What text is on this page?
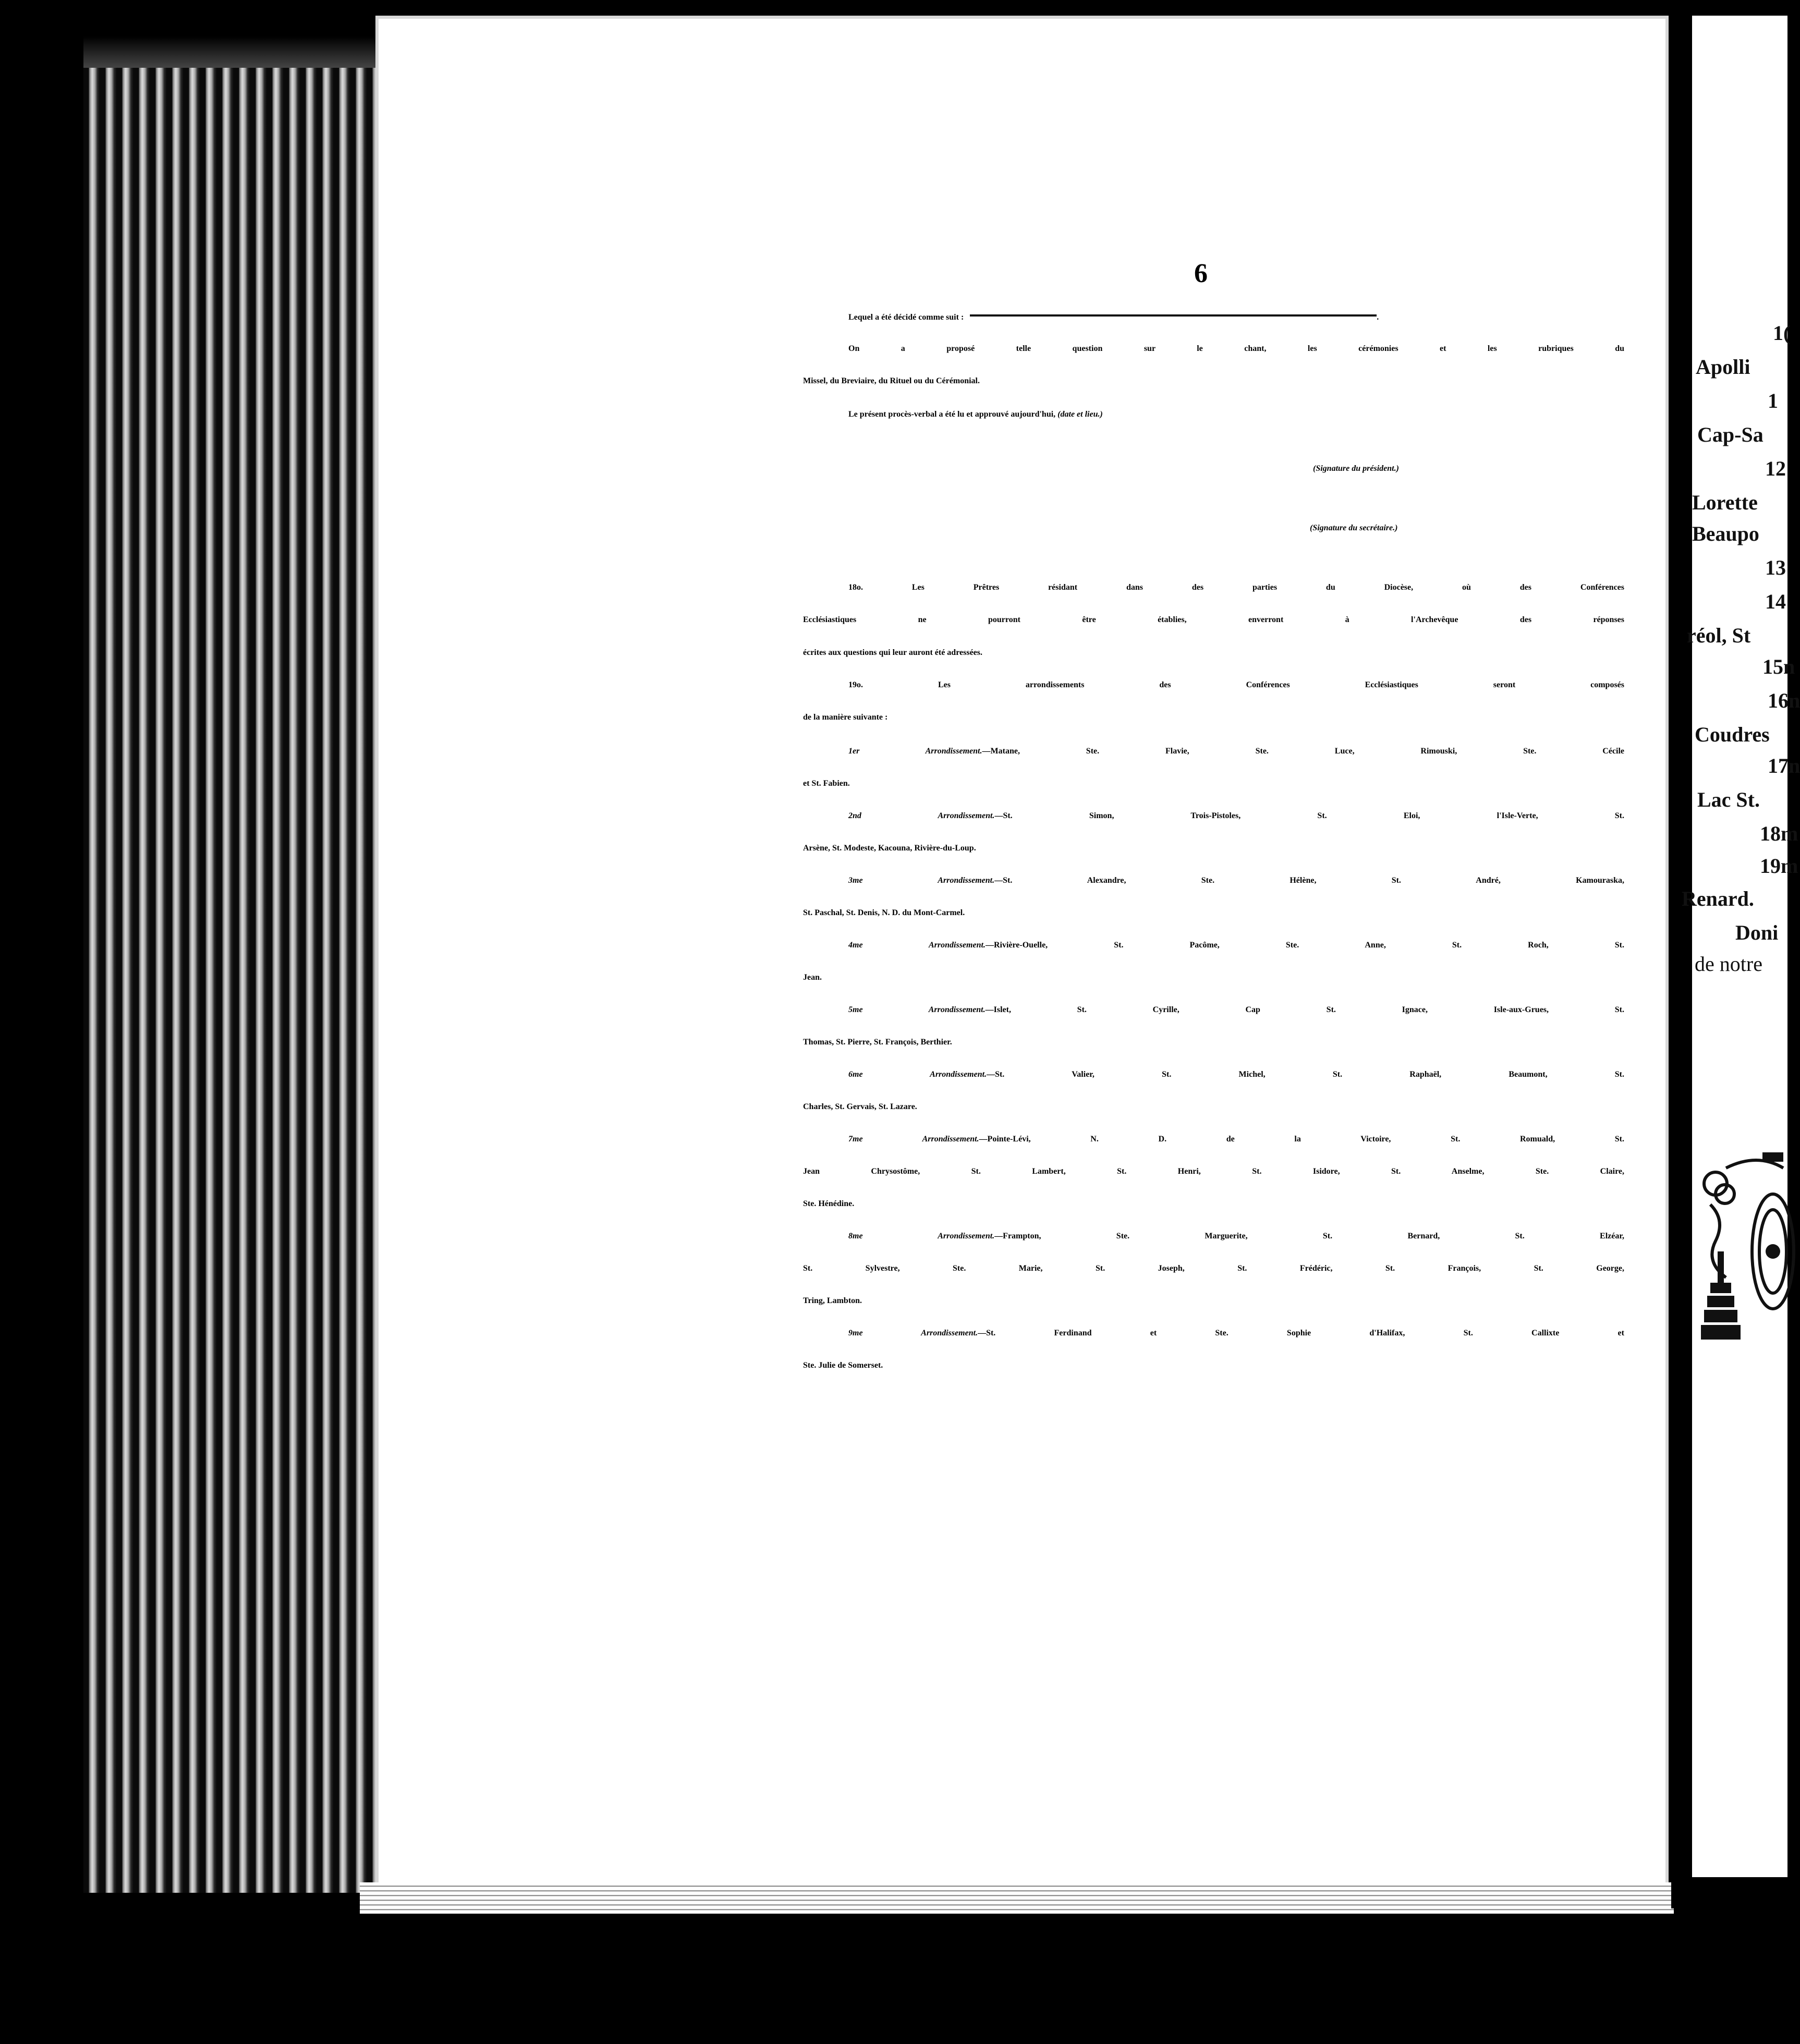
6
Lequel a été décidé comme suit :	.
On a proposé telle question sur le chant, les cérémonies et les rubriques du
Missel, du Breviaire, du Rituel ou du Cérémonial.
Le présent procès-verbal a été lu et approuvé aujourd'hui, (date et lieu.)
(Signature du président.)
(Signature du secrétaire.)
18o. Les Prêtres résidant dans des parties du Diocèse, où des Conférences
Ecclésiastiques ne pourront être établies, enverront à l'Archevêque des réponses
écrites aux questions qui leur auront été adressées.
19o. Les arrondissements des Conférences Ecclésiastiques seront composés
de la manière suivante :
1er Arrondissement.—Matane, Ste. Flavie, Ste. Luce, Rimouski, Ste. Cécile
et St. Fabien.
2nd Arrondissement.—St. Simon, Trois-Pistoles, St. Eloi, l'Isle-Verte, St.
Arsène, St. Modeste, Kacouna, Rivière-du-Loup.
3me Arrondissement.—St. Alexandre, Ste. Hélène, St. André, Kamouraska,
St. Paschal, St. Denis, N. D. du Mont-Carmel.
4me Arrondissement.—Rivière-Ouelle, St. Pacôme, Ste. Anne, St. Roch, St.
Jean.
5me Arrondissement.—Islet, St. Cyrille, Cap St. Ignace, Isle-aux-Grues, St.
Thomas, St. Pierre, St. François, Berthier.
6me Arrondissement.—St. Valier, St. Michel, St. Raphaël, Beaumont, St.
Charles, St. Gervais, St. Lazare.
7me Arrondissement.—Pointe-Lévi, N. D. de la Victoire, St. Romuald, St.
Jean Chrysostôme, St. Lambert, St. Henri, St. Isidore, St. Anselme, Ste. Claire,
Ste. Hénédine.
8me Arrondissement.—Frampton, Ste. Marguerite, St. Bernard, St. Elzéar,
St. Sylvestre, Ste. Marie, St. Joseph, St. Frédéric, St. François, St. George,
Tring, Lambton.
9me Arrondissement.—St. Ferdinand et Ste. Sophie d'Halifax, St. Callixte et
Ste. Julie de Somerset.
1(
Apolli
1
Cap-Sa
12
Lorette
Beaupo
13
14
réol, St
15n
16n
Coudres
17n
Lac St.
18m
19m
Renard.
Doni
de notre
